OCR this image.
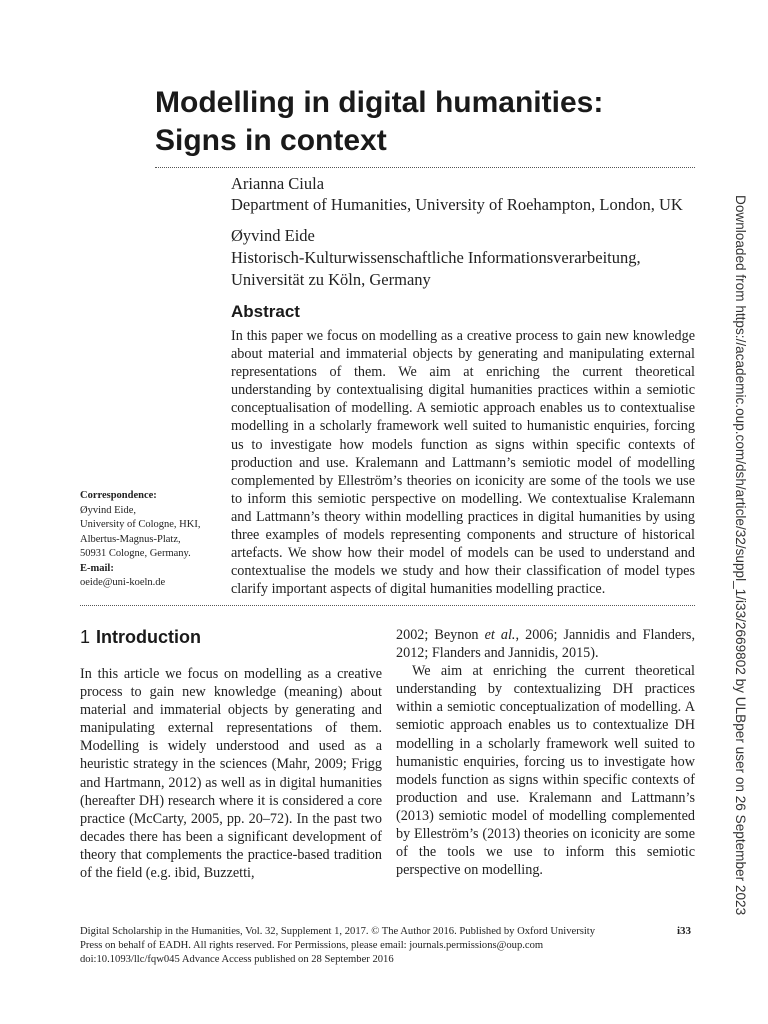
Modelling in digital humanities:
Signs in context
Arianna Ciula
Department of Humanities, University of Roehampton, London, UK
Øyvind Eide
Historisch-Kulturwissenschaftliche Informationsverarbeitung,
Universität zu Köln, Germany
Abstract
In this paper we focus on modelling as a creative process to gain new knowledge about material and immaterial objects by generating and manipulating external representations of them. We aim at enriching the current theoretical understanding by contextualising digital humanities practices within a semiotic conceptualisation of modelling. A semiotic approach enables us to contextualise modelling in a scholarly framework well suited to humanistic enquiries, forcing us to investigate how models function as signs within specific contexts of production and use. Kralemann and Lattmann’s semiotic model of modelling complemented by Elleström’s theories on iconicity are some of the tools we use to inform this semiotic perspective on modelling. We contextualise Kralemann and Lattmann’s theory within modelling practices in digital humanities by using three examples of models representing components and structure of historical artefacts. We show how their model of models can be used to understand and contextualise the models we study and how their classification of model types clarify important aspects of digital humanities modelling practice.
Correspondence:
Øyvind Eide,
University of Cologne, HKI,
Albertus-Magnus-Platz,
50931 Cologne, Germany.
E-mail:
oeide@uni-koeln.de	Downloaded from https://academic.oup.com/dsh/article/32/suppl_1/i33/2669802 by ULBper user on 26 September 2023
1 Introduction

In this article we focus on modelling as a creative process to gain new knowledge (meaning) about material and immaterial objects by generating and manipulating external representations of them. Modelling is widely understood and used as a heuristic strategy in the sciences (Mahr, 2009; Frigg and Hartmann, 2012) as well as in digital humanities (hereafter DH) research where it is considered a core practice (McCarty, 2005, pp. 20–72). In the past two decades there has been a significant development of theory that complements the practice-based tradition of the field (e.g. ibid, Buzzetti,

2002; Beynon et al., 2006; Jannidis and Flanders, 2012; Flanders and Jannidis, 2015).

We aim at enriching the current theoretical understanding by contextualizing DH practices within a semiotic conceptualization of modelling. A semiotic approach enables us to contextualize DH modelling in a scholarly framework well suited to humanistic enquiries, forcing us to investigate how models function as signs within specific contexts of production and use. Kralemann and Lattmann’s (2013) semiotic model of modelling complemented by Elleström’s (2013) theories on iconicity are some of the tools we use to inform this semiotic perspective on modelling.

Digital Scholarship in the Humanities, Vol. 32, Supplement 1, 2017. © The Author 2016. Published by Oxford University
Press on behalf of EADH. All rights reserved. For Permissions, please email: journals.permissions@oup.com
doi:10.1093/llc/fqw045 Advance Access published on 28 September 2016
i33
